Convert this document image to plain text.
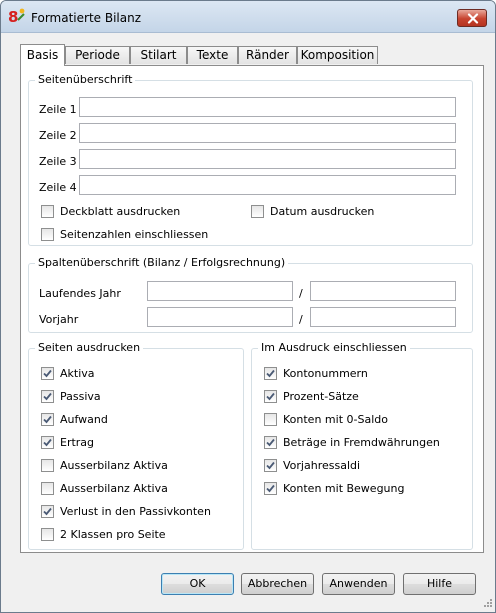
8 Formatierte Bilanz
Basis	Periode	Stilart	Texte	Ränder Komposition
Seitenüberschrift
Zeile 1
Zeile 2
Zeile 3
Zeile 4
Deckblatt ausdrucken	Datum ausdrucken
Seitenzahlen einschliessen
Spaltenüberschrift (Bilanz / Erfolgsrechnung)
Laufendes Jahr	/
Vorjahr	/
Seiten ausdrucken
Aktiva
Passiva
Aufwand
Ertrag
Ausserbilanz Aktiva
Ausserbilanz Aktiva
Verlust in den Passivkonten
2 Klassen pro Seite
Im Ausdruck einschliessen
Kontonummern
Prozent-Sätze
Konten mit 0-Saldo
Beträge in Fremdwährungen
Vorjahressaldi
Konten mit Bewegung
OK	Abbrechen	Anwenden	Hilfe
